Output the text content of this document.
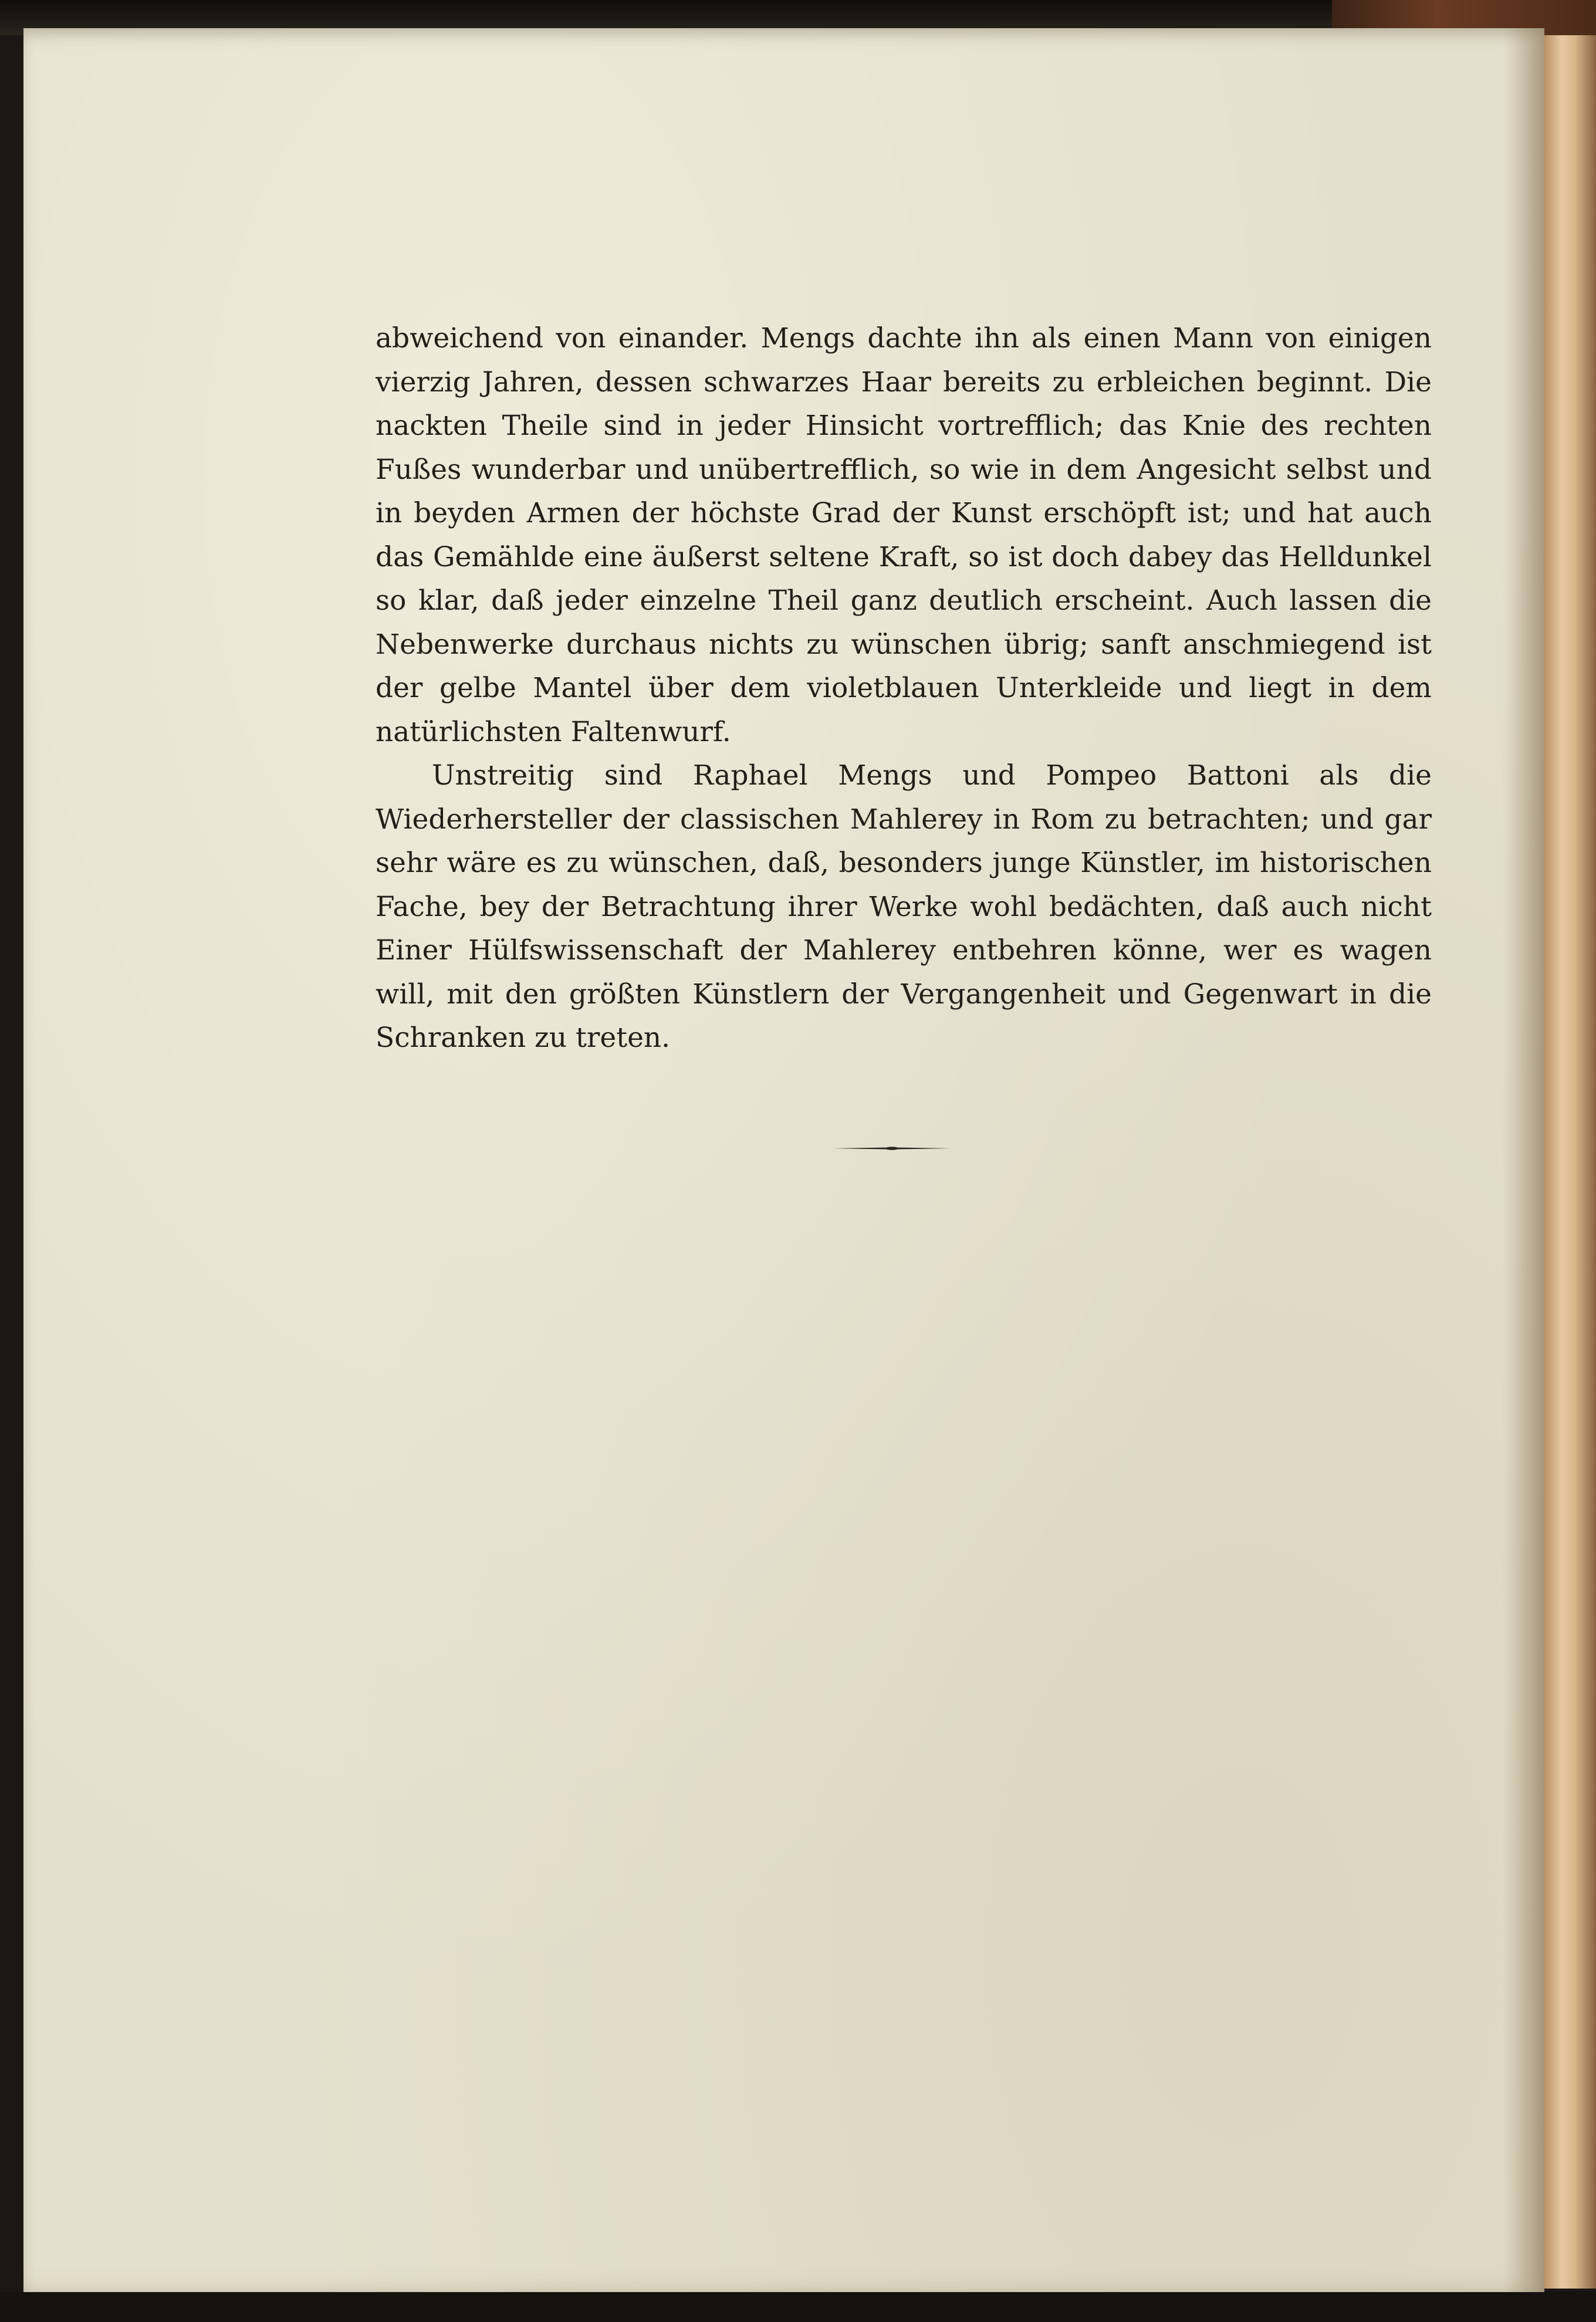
abweichend von einander. Mengs dachte ihn als einen Mann von einigen vierzig Jahren, dessen schwarzes Haar bereits zu erbleichen beginnt. Die nackten Theile sind in jeder Hinsicht vortrefflich; das Knie des rechten Fußes wunderbar und unübertrefflich, so wie in dem Angesicht selbst und in beyden Armen der höchste Grad der Kunst erschöpft ist; und hat auch das Gemählde eine äußerst seltene Kraft, so ist doch dabey das Helldunkel so klar, daß jeder einzelne Theil ganz deutlich erscheint. Auch lassen die Nebenwerke durchaus nichts zu wünschen übrig; sanft anschmiegend ist der gelbe Mantel über dem violetblauen Unterkleide und liegt in dem natürlichsten Faltenwurf.

Unstreitig sind Raphael Mengs und Pompeo Battoni als die Wiederhersteller der classischen Mahlerey in Rom zu betrachten; und gar sehr wäre es zu wünschen, daß, besonders junge Künstler, im historischen Fache, bey der Betrachtung ihrer Werke wohl bedächten, daß auch nicht Einer Hülfswissenschaft der Mahlerey entbehren könne, wer es wagen will, mit den größten Künstlern der Vergangenheit und Gegenwart in die Schranken zu treten.
